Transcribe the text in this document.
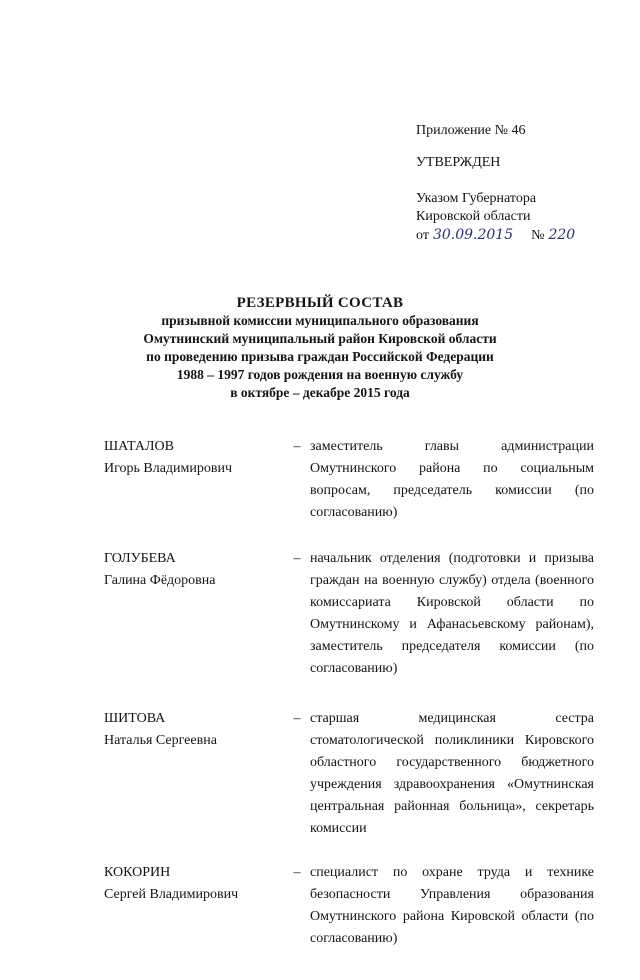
Приложение № 46
УТВЕРЖДЕН
Указом Губернатора
Кировской области
от 30.09.2015 № 220
РЕЗЕРВНЫЙ СОСТАВ
призывной комиссии муниципального образования
Омутнинский муниципальный район Кировской области
по проведению призыва граждан Российской Федерации
1988 – 1997 годов рождения на военную службу
в октябре – декабре 2015 года
ШАТАЛОВ
Игорь Владимирович
– заместитель главы администрации Омутнинского района по социальным вопросам, председатель комиссии (по согласованию)
ГОЛУБЕВА
Галина Фёдоровна
– начальник отделения (подготовки и призыва граждан на военную службу) отдела (военного комиссариата Кировской области по Омутнинскому и Афанасьевскому районам), заместитель председателя комиссии (по согласованию)
ШИТОВА
Наталья Сергеевна
– старшая медицинская сестра стоматологической поликлиники Кировского областного государственного бюджетного учреждения здравоохранения «Омутнинская центральная районная больница», секретарь комиссии
КОКОРИН
Сергей Владимирович
– специалист по охране труда и технике безопасности Управления образования Омутнинского района Кировской области (по согласованию)
